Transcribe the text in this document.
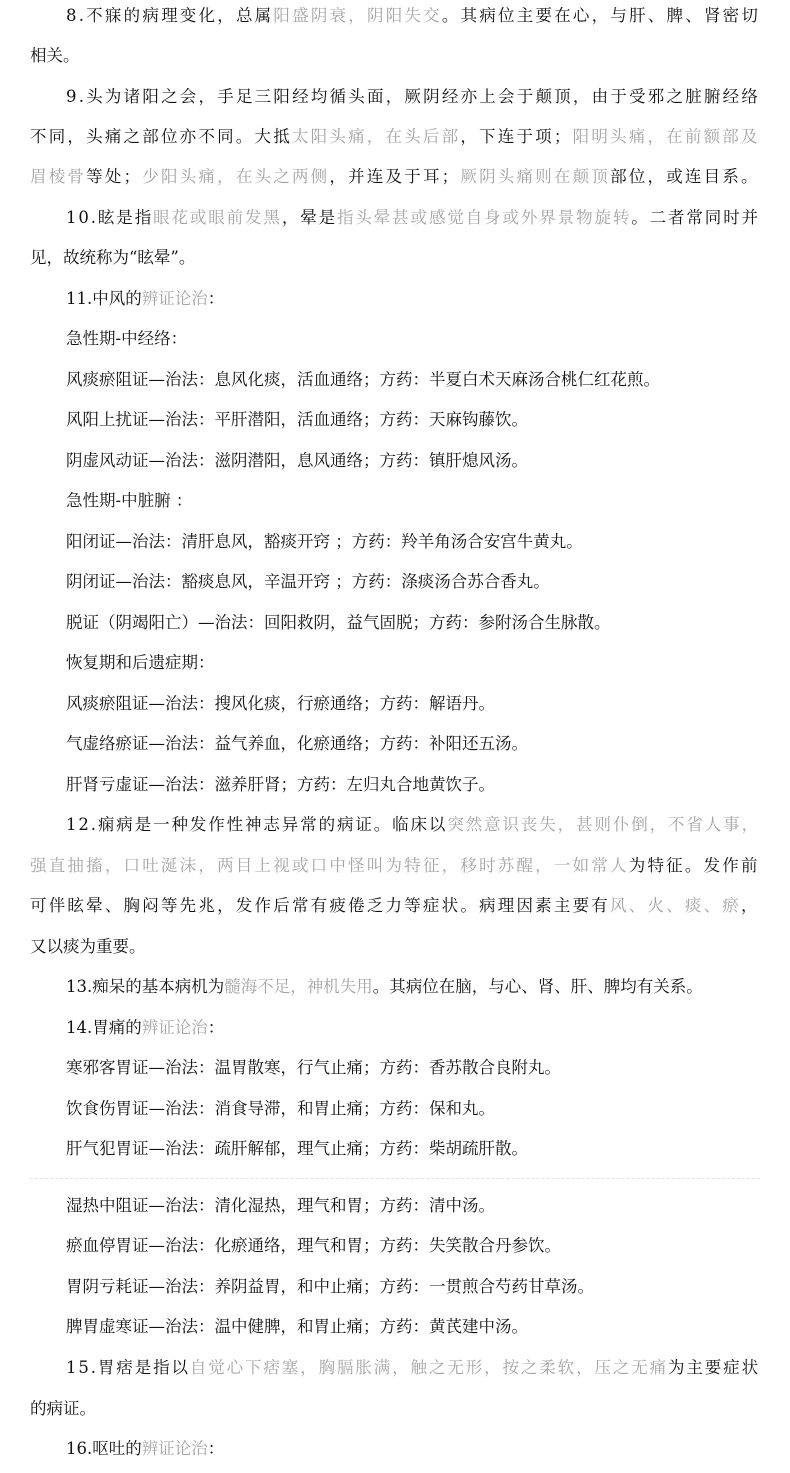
8.不寐的病理变化，总属阳盛阴衰，阴阳失交。其病位主要在心，与肝、脾、肾密切
相关。
9.头为诸阳之会，手足三阳经均循头面，厥阴经亦上会于颠顶，由于受邪之脏腑经络
不同，头痛之部位亦不同。大抵太阳头痛，在头后部，下连于项；阳明头痛，在前额部及
眉棱骨等处；少阳头痛，在头之两侧，并连及于耳；厥阴头痛则在颠顶部位，或连目系。
10.眩是指眼花或眼前发黑，晕是指头晕甚或感觉自身或外界景物旋转。二者常同时并
见，故统称为“眩晕”。
11.中风的辨证论治：
急性期-中经络：
风痰瘀阻证—治法：息风化痰，活血通络；方药：半夏白术天麻汤合桃仁红花煎。
风阳上扰证—治法：平肝潜阳，活血通络；方药：天麻钩藤饮。
阴虚风动证—治法：滋阴潜阳，息风通络；方药：镇肝熄风汤。
急性期-中脏腑 ：
阳闭证—治法：清肝息风，豁痰开窍 ；方药：羚羊角汤合安宫牛黄丸。
阴闭证—治法：豁痰息风，辛温开窍 ；方药：涤痰汤合苏合香丸。
脱证（阴竭阳亡）—治法：回阳救阴，益气固脱；方药：参附汤合生脉散。
恢复期和后遗症期：
风痰瘀阻证—治法：搜风化痰，行瘀通络；方药：解语丹。
气虚络瘀证—治法：益气养血，化瘀通络；方药：补阳还五汤。
肝肾亏虚证—治法：滋养肝肾；方药：左归丸合地黄饮子。
12.痫病是一种发作性神志异常的病证。临床以突然意识丧失，甚则仆倒，不省人事，
强直抽搐，口吐涎沫，两目上视或口中怪叫为特征，移时苏醒，一如常人为特征。发作前
可伴眩晕、胸闷等先兆，发作后常有疲倦乏力等症状。病理因素主要有风、火、痰、瘀，
又以痰为重要。
13.痴呆的基本病机为髓海不足，神机失用。其病位在脑，与心、肾、肝、脾均有关系。
14.胃痛的辨证论治：
寒邪客胃证—治法：温胃散寒，行气止痛；方药：香苏散合良附丸。
饮食伤胃证—治法：消食导滞，和胃止痛；方药：保和丸。
肝气犯胃证—治法：疏肝解郁，理气止痛；方药：柴胡疏肝散。
湿热中阻证—治法：清化湿热，理气和胃；方药：清中汤。
瘀血停胃证—治法：化瘀通络，理气和胃；方药：失笑散合丹参饮。
胃阴亏耗证—治法：养阴益胃，和中止痛；方药：一贯煎合芍药甘草汤。
脾胃虚寒证—治法：温中健脾，和胃止痛；方药：黄芪建中汤。
15.胃痞是指以自觉心下痞塞，胸膈胀满，触之无形，按之柔软，压之无痛为主要症状
的病证。
16.呕吐的辨证论治：
